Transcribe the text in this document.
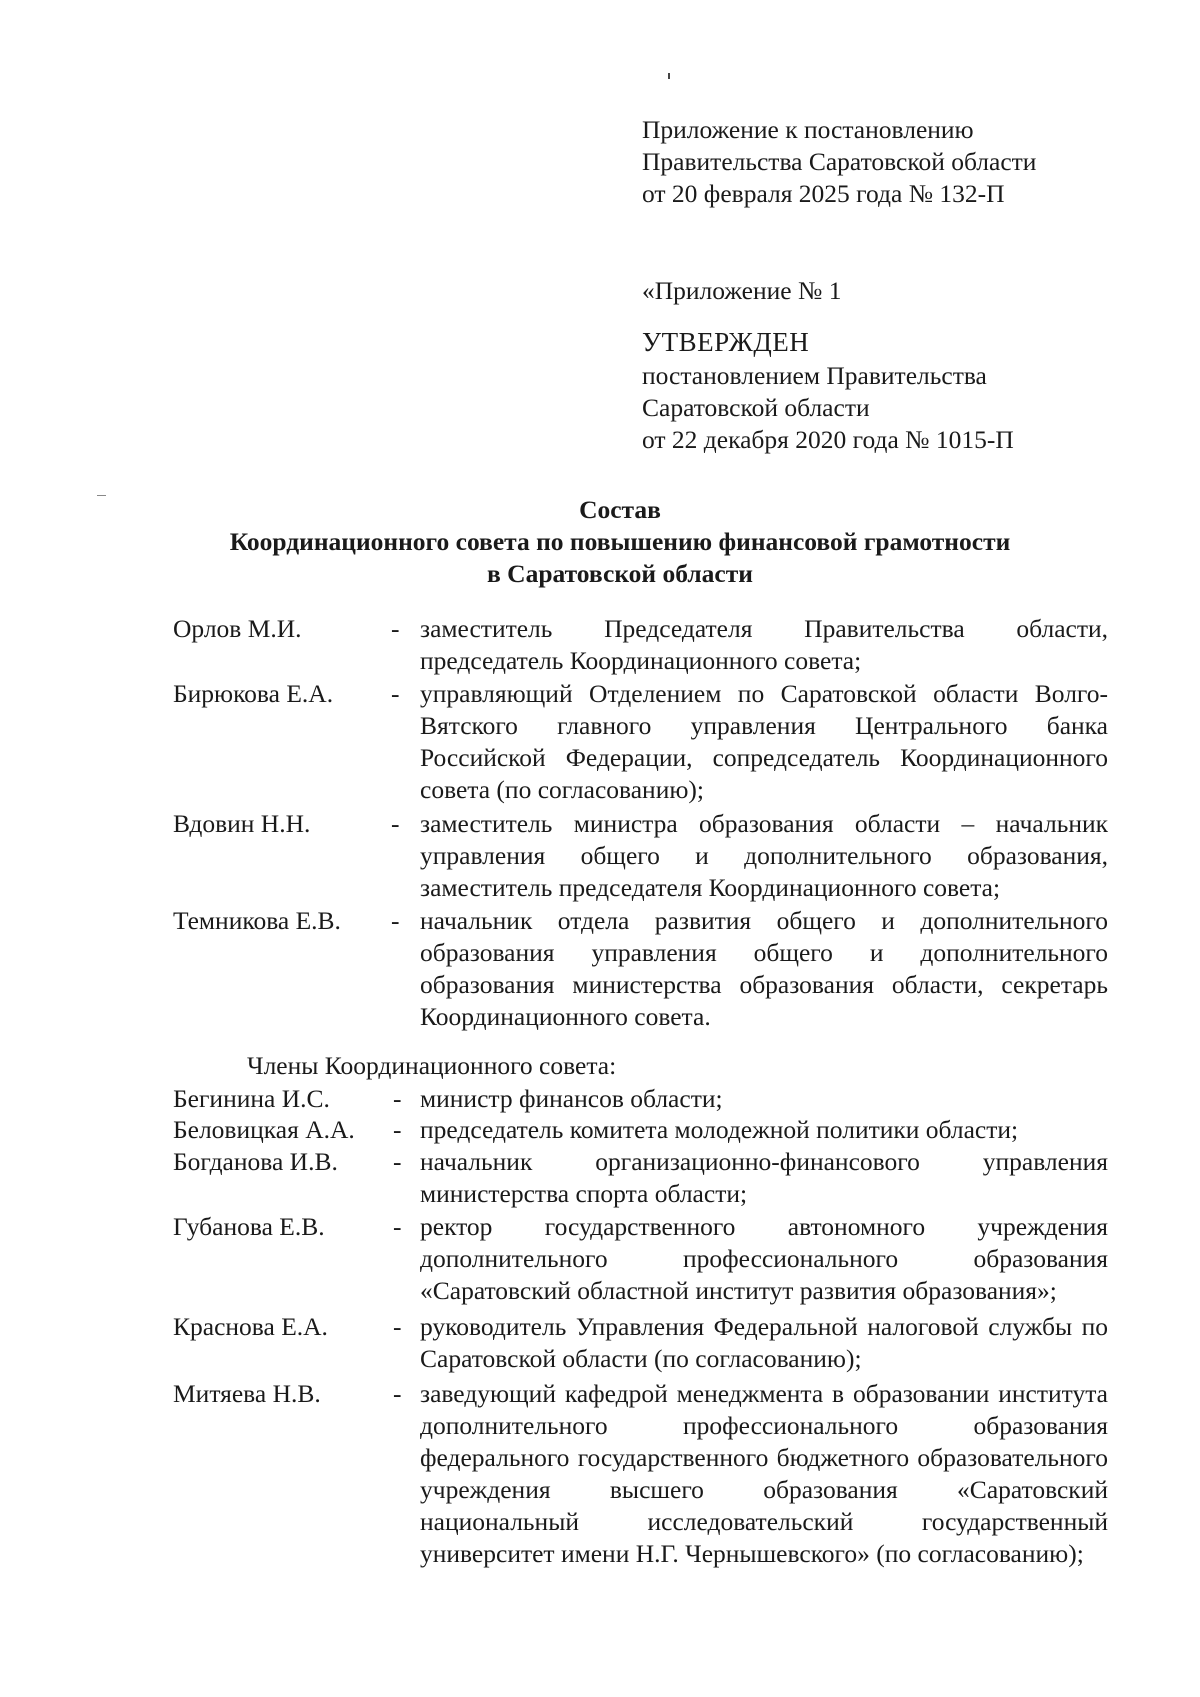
Приложение к постановлению
Правительства Саратовской области
от 20 февраля 2025 года № 132-П
«Приложение № 1
УТВЕРЖДЕН
постановлением Правительства
Саратовской области
от 22 декабря 2020 года № 1015-П
Состав
Координационного совета по повышению финансовой грамотности
в Саратовской области
Орлов М.И.	- заместитель Председателя Правительства области, председатель Координационного совета;
Бирюкова Е.А. - управляющий Отделением по Саратовской области Волго-Вятского главного управления Центрального банка Российской Федерации, сопредседатель Координационного совета (по согласованию);
Вдовин Н.Н.	- заместитель министра образования области – начальник управления общего и дополнительного образования, заместитель председателя Координационного совета;
Темникова Е.В. - начальник отдела развития общего и дополнительного образования управления общего и дополнительного образования министерства образования области, секретарь Координационного совета.
Члены Координационного совета:
Бегинина И.С. - министр финансов области;
Беловицкая А.А. - председатель комитета молодежной политики области;
Богданова И.В. - начальник организационно-финансового управления министерства спорта области;
Губанова Е.В.	- ректор государственного автономного учреждения дополнительного профессионального образования «Саратовский областной институт развития образования»;
Краснова Е.А.	- руководитель Управления Федеральной налоговой службы по Саратовской области (по согласованию);
Митяева Н.В.	- заведующий кафедрой менеджмента в образовании института дополнительного профессионального образования федерального государственного бюджетного образовательного учреждения высшего образования «Саратовский национальный исследовательский государственный университет имени Н.Г. Чернышевского» (по согласованию);
